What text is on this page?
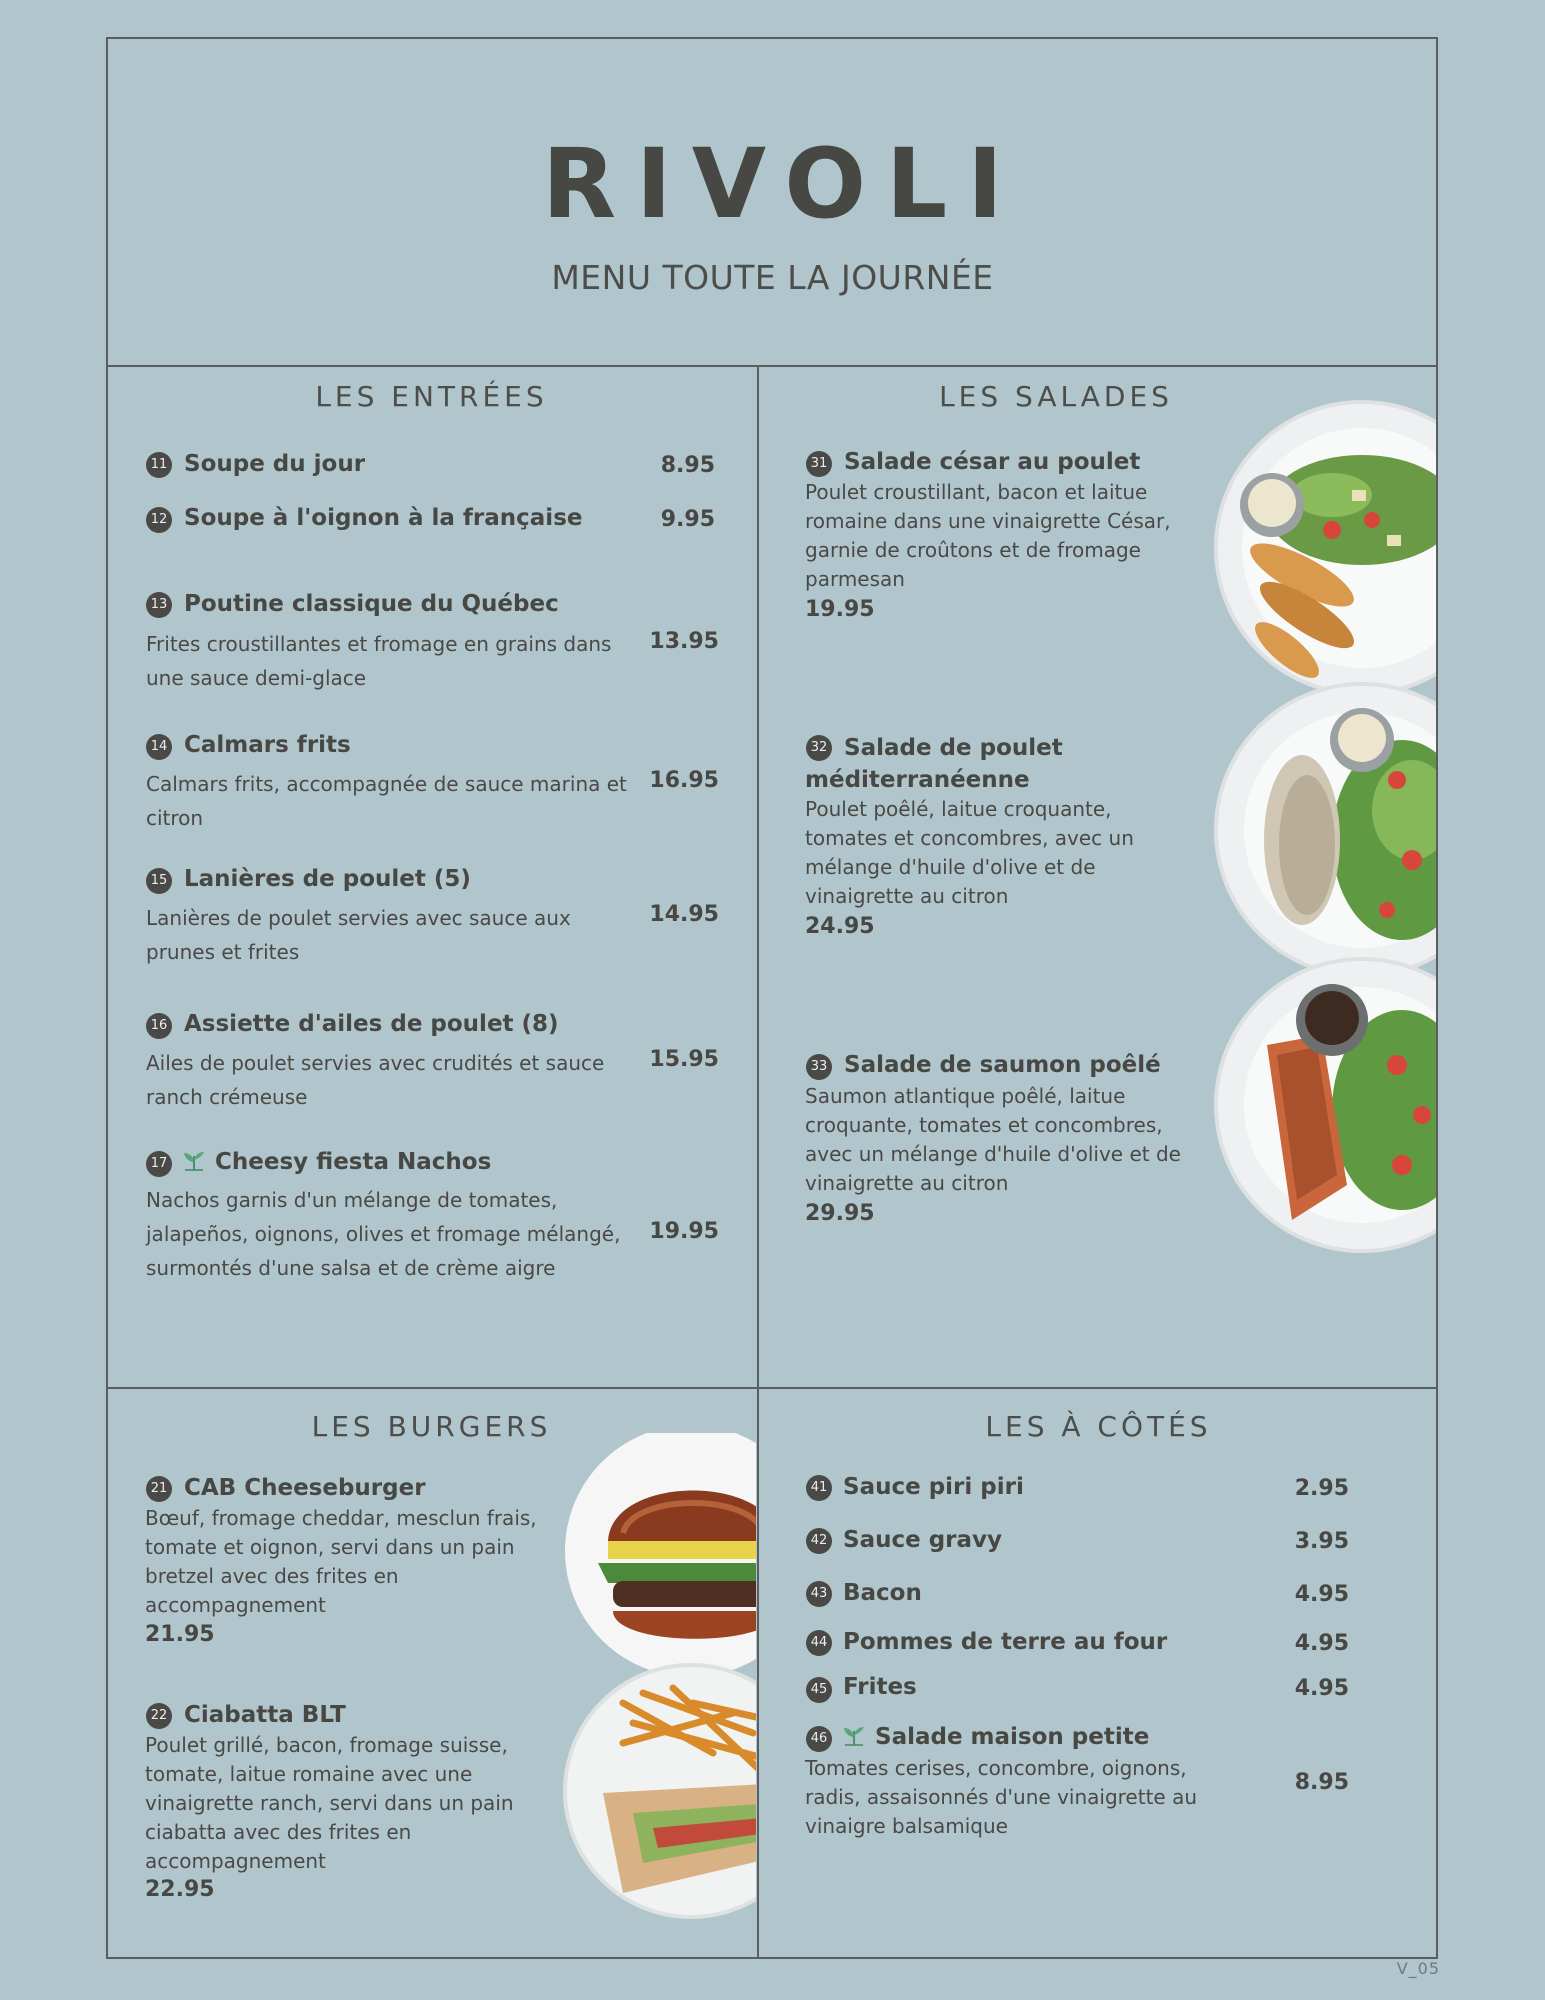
RIVOLI
MENU TOUTE LA JOURNÉE
LES ENTRÉES
11 Soupe du jour	8.95
12 Soupe à l'oignon à la française	9.95
13 Poutine classique du Québec
Frites croustillantes et fromage en grains dans une sauce demi-glace
13.95
14 Calmars frits
Calmars frits, accompagnée de sauce marina et citron
16.95
15 Lanières de poulet (5)
Lanières de poulet servies avec sauce aux prunes et frites
14.95
16 Assiette d'ailes de poulet (8)
Ailes de poulet servies avec crudités et sauce ranch crémeuse
15.95
17	Cheesy fiesta Nachos
Nachos garnis d'un mélange de tomates, jalapeños, oignons, olives et fromage mélangé, surmontés d'une salsa et de crème aigre
19.95
LES SALADES
31 Salade césar au poulet
Poulet croustillant, bacon et laitue romaine dans une vinaigrette César, garnie de croûtons et de fromage parmesan
19.95
32 Salade de poulet méditerranéenne
Poulet poêlé, laitue croquante, tomates et concombres, avec un mélange d'huile d'olive et de vinaigrette au citron
24.95
33 Salade de saumon poêlé
Saumon atlantique poêlé, laitue croquante, tomates et concombres, avec un mélange d'huile d'olive et de vinaigrette au citron
29.95
LES BURGERS
21 CAB Cheeseburger
Bœuf, fromage cheddar, mesclun frais, tomate et oignon, servi dans un pain bretzel avec des frites en accompagnement
21.95
22 Ciabatta BLT
Poulet grillé, bacon, fromage suisse, tomate, laitue romaine avec une vinaigrette ranch, servi dans un pain ciabatta avec des frites en accompagnement
22.95
LES À CÔTÉS
41 Sauce piri piri	2.95
42 Sauce gravy	3.95
43 Bacon	4.95
44 Pommes de terre au four	4.95
45 Frites	4.95
46	Salade maison petite
Tomates cerises, concombre, oignons, radis, assaisonnés d'une vinaigrette au vinaigre balsamique
8.95
V_05
